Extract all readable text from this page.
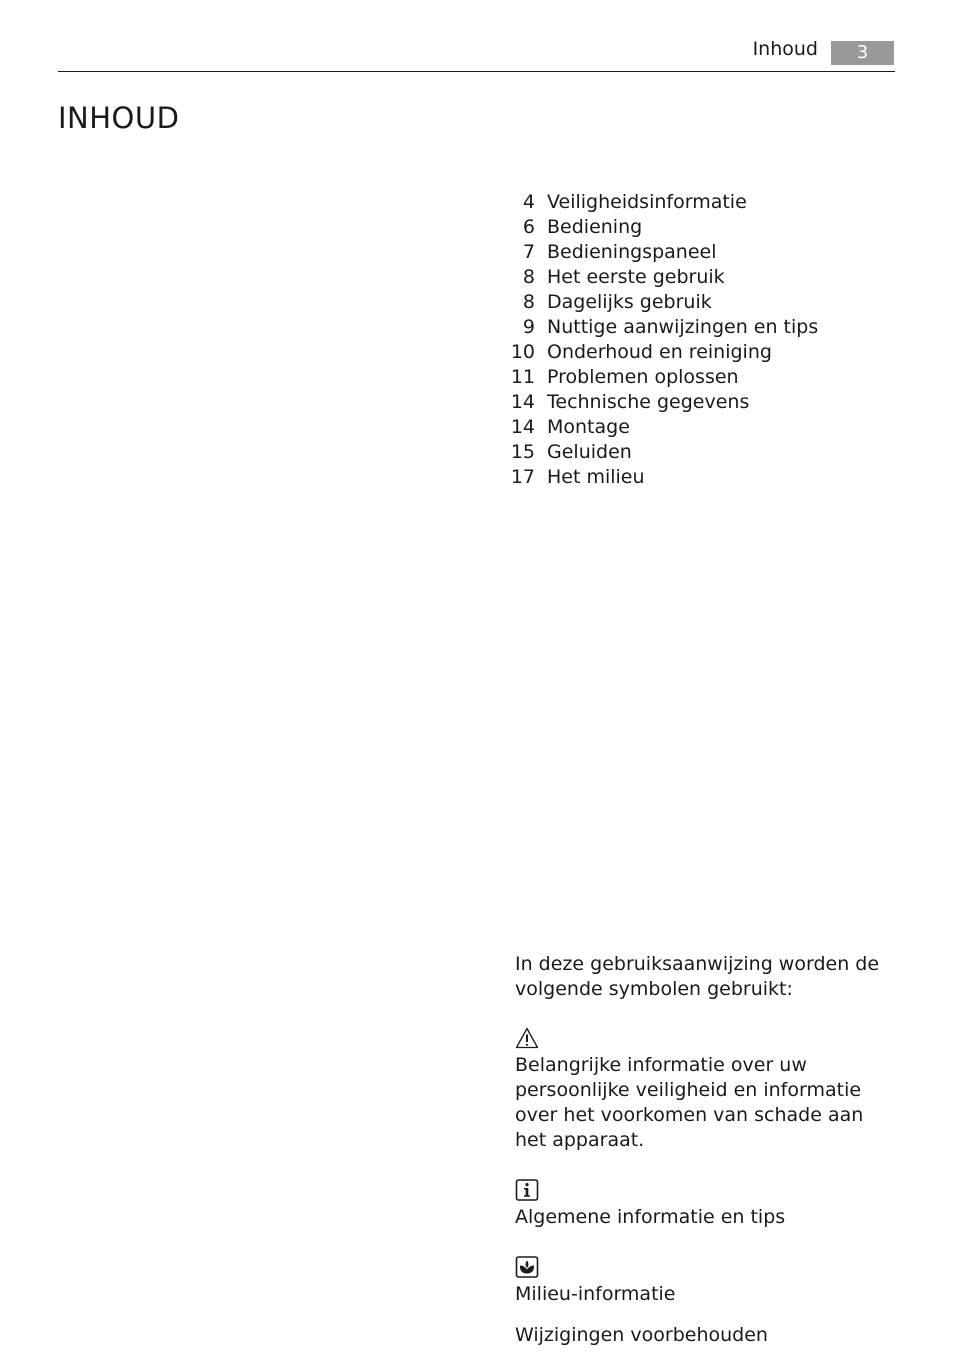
Inhoud	3
INHOUD
4 Veiligheidsinformatie
6 Bediening
7 Bedieningspaneel
8 Het eerste gebruik
8 Dagelijks gebruik
9 Nuttige aanwijzingen en tips
10 Onderhoud en reiniging
11 Problemen oplossen
14 Technische gegevens
14 Montage
15 Geluiden
17 Het milieu

In deze gebruiksaanwijzing worden de volgende symbolen gebruikt:

Belangrijke informatie over uw persoonlijke veiligheid en informatie over het voorkomen van schade aan het apparaat.

Algemene informatie en tips

Milieu-informatie

Wijzigingen voorbehouden
